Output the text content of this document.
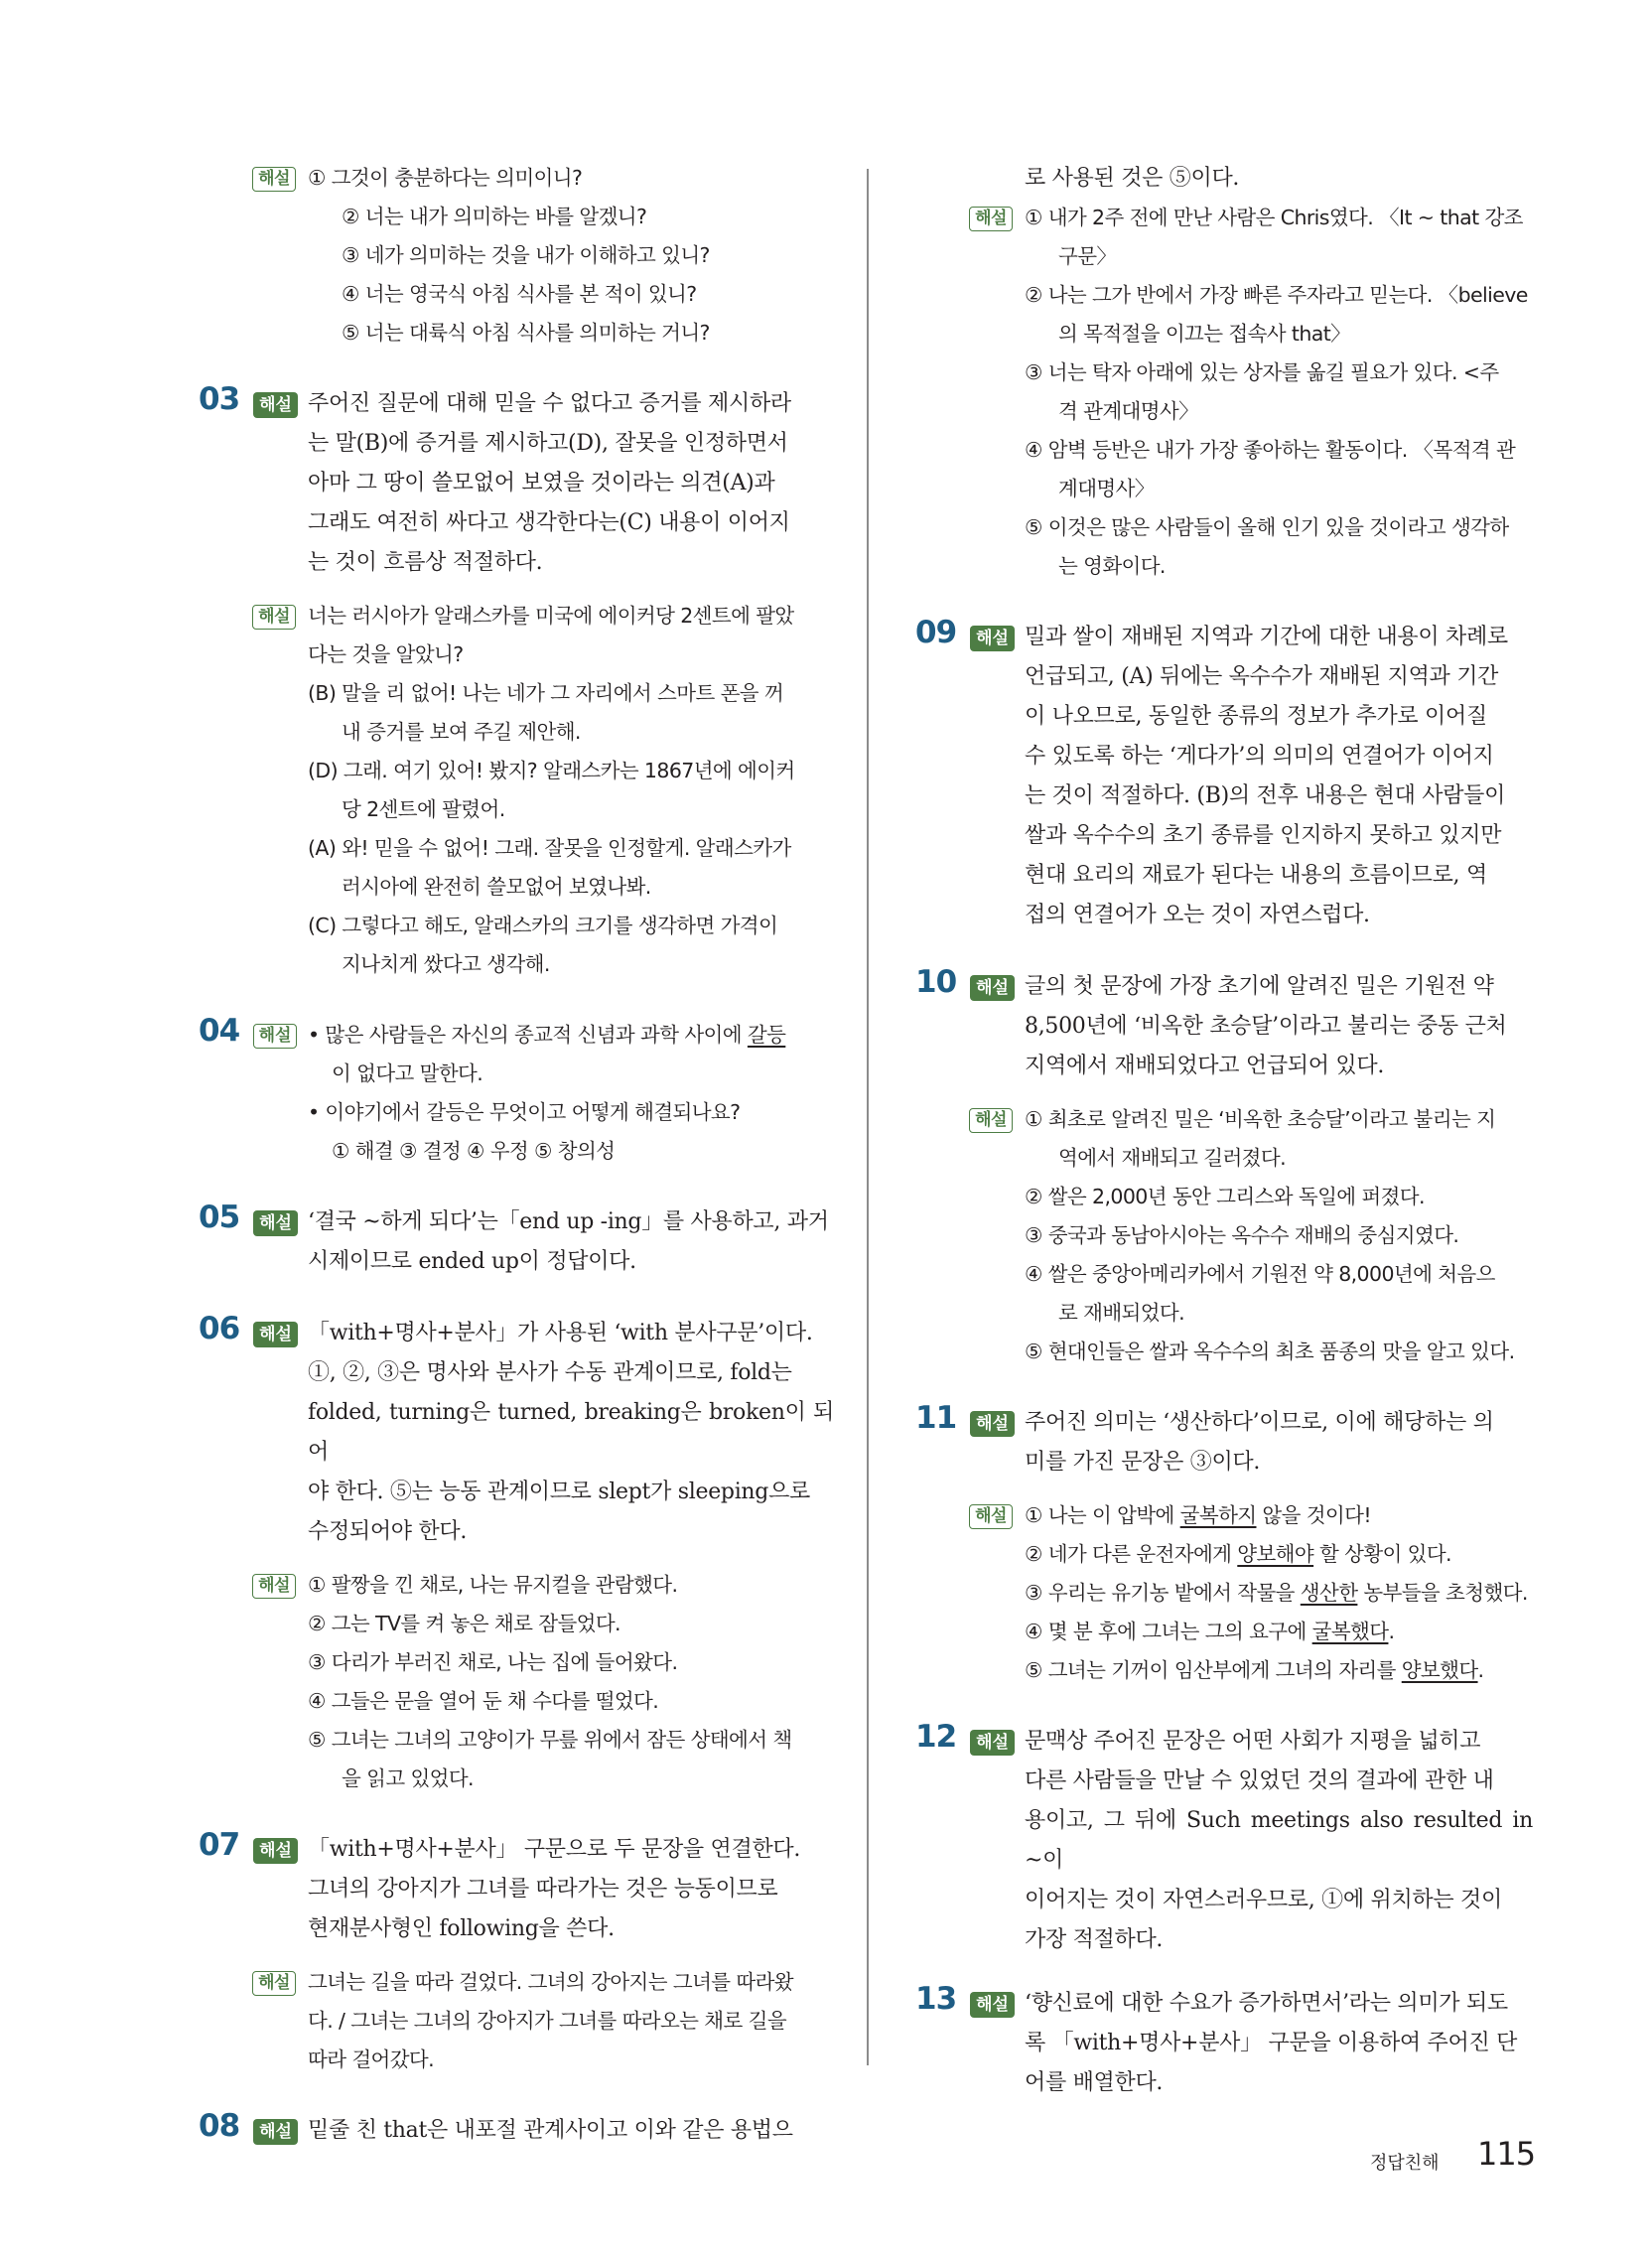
해설 ① 그것이 충분하다는 의미이니?
② 너는 내가 의미하는 바를 알겠니?
③ 네가 의미하는 것을 내가 이해하고 있니?
④ 너는 영국식 아침 식사를 본 적이 있니?
⑤ 너는 대륙식 아침 식사를 의미하는 거니?
03	해설 주어진 질문에 대해 믿을 수 없다고 증거를 제시하라
는 말(B)에 증거를 제시하고(D), 잘못을 인정하면서
아마 그 땅이 쓸모없어 보였을 것이라는 의견(A)과
그래도 여전히 싸다고 생각한다는(C) 내용이 이어지
는 것이 흐름상 적절하다.
해설 너는 러시아가 알래스카를 미국에 에이커당 2센트에 팔았
다는 것을 알았니?
(B) 말을 리 없어! 나는 네가 그 자리에서 스마트 폰을 꺼
내 증거를 보여 주길 제안해.
(D) 그래. 여기 있어! 봤지? 알래스카는 1867년에 에이커
당 2센트에 팔렸어.
(A) 와! 믿을 수 없어! 그래. 잘못을 인정할게. 알래스카가
러시아에 완전히 쓸모없어 보였나봐.
(C) 그렇다고 해도, 알래스카의 크기를 생각하면 가격이
지나치게 쌌다고 생각해.
04	해설 • 많은 사람들은 자신의 종교적 신념과 과학 사이에 갈등
이 없다고 말한다.
• 이야기에서 갈등은 무엇이고 어떻게 해결되나요?
① 해결 ③ 결정 ④ 우정 ⑤ 창의성
05	해설 ‘결국 ~하게 되다’는「end up -ing」를 사용하고, 과거
시제이므로 ended up이 정답이다.
06	해설 「with+명사+분사」가 사용된 ‘with 분사구문’이다.
①, ②, ③은 명사와 분사가 수동 관계이므로, fold는
folded, turning은 turned, breaking은 broken이 되어
야 한다. ⑤는 능동 관계이므로 slept가 sleeping으로
수정되어야 한다.
해설 ① 팔짱을 낀 채로, 나는 뮤지컬을 관람했다.
② 그는 TV를 켜 놓은 채로 잠들었다.
③ 다리가 부러진 채로, 나는 집에 들어왔다.
④ 그들은 문을 열어 둔 채 수다를 떨었다.
⑤ 그녀는 그녀의 고양이가 무릎 위에서 잠든 상태에서 책
을 읽고 있었다.
07	해설 「with+명사+분사」 구문으로 두 문장을 연결한다.
그녀의 강아지가 그녀를 따라가는 것은 능동이므로
현재분사형인 following을 쓴다.
해설 그녀는 길을 따라 걸었다. 그녀의 강아지는 그녀를 따라왔
다. / 그녀는 그녀의 강아지가 그녀를 따라오는 채로 길을
따라 걸어갔다.
08	해설 밑줄 친 that은 내포절 관계사이고 이와 같은 용법으
로 사용된 것은 ⑤이다.
해설 ① 내가 2주 전에 만난 사람은 Chris였다. 〈It ~ that 강조
구문〉
② 나는 그가 반에서 가장 빠른 주자라고 믿는다. 〈believe
의 목적절을 이끄는 접속사 that〉
③ 너는 탁자 아래에 있는 상자를 옮길 필요가 있다. <주
격 관계대명사〉
④ 암벽 등반은 내가 가장 좋아하는 활동이다. 〈목적격 관
계대명사〉
⑤ 이것은 많은 사람들이 올해 인기 있을 것이라고 생각하
는 영화이다.
09	해설 밀과 쌀이 재배된 지역과 기간에 대한 내용이 차례로
언급되고, (A) 뒤에는 옥수수가 재배된 지역과 기간
이 나오므로, 동일한 종류의 정보가 추가로 이어질
수 있도록 하는 ‘게다가’의 의미의 연결어가 이어지
는 것이 적절하다. (B)의 전후 내용은 현대 사람들이
쌀과 옥수수의 초기 종류를 인지하지 못하고 있지만
현대 요리의 재료가 된다는 내용의 흐름이므로, 역
접의 연결어가 오는 것이 자연스럽다.
10	해설 글의 첫 문장에 가장 초기에 알려진 밀은 기원전 약
8,500년에 ‘비옥한 초승달’이라고 불리는 중동 근처
지역에서 재배되었다고 언급되어 있다.
해설 ① 최초로 알려진 밀은 ‘비옥한 초승달’이라고 불리는 지
역에서 재배되고 길러졌다.
② 쌀은 2,000년 동안 그리스와 독일에 퍼졌다.
③ 중국과 동남아시아는 옥수수 재배의 중심지였다.
④ 쌀은 중앙아메리카에서 기원전 약 8,000년에 처음으
로 재배되었다.
⑤ 현대인들은 쌀과 옥수수의 최초 품종의 맛을 알고 있다.
11	해설 주어진 의미는 ‘생산하다’이므로, 이에 해당하는 의
미를 가진 문장은 ③이다.
해설 ① 나는 이 압박에 굴복하지 않을 것이다!
② 네가 다른 운전자에게 양보해야 할 상황이 있다.
③ 우리는 유기농 밭에서 작물을 생산한 농부들을 초청했다.
④ 몇 분 후에 그녀는 그의 요구에 굴복했다.
⑤ 그녀는 기꺼이 임산부에게 그녀의 자리를 양보했다.
12	해설 문맥상 주어진 문장은 어떤 사회가 지평을 넓히고
다른 사람들을 만날 수 있었던 것의 결과에 관한 내
용이고, 그 뒤에 Such meetings also resulted in ~이
이어지는 것이 자연스러우므로, ①에 위치하는 것이
가장 적절하다.
13	해설 ‘향신료에 대한 수요가 증가하면서’라는 의미가 되도
록 「with+명사+분사」 구문을 이용하여 주어진 단
어를 배열한다.
정답친해 115
